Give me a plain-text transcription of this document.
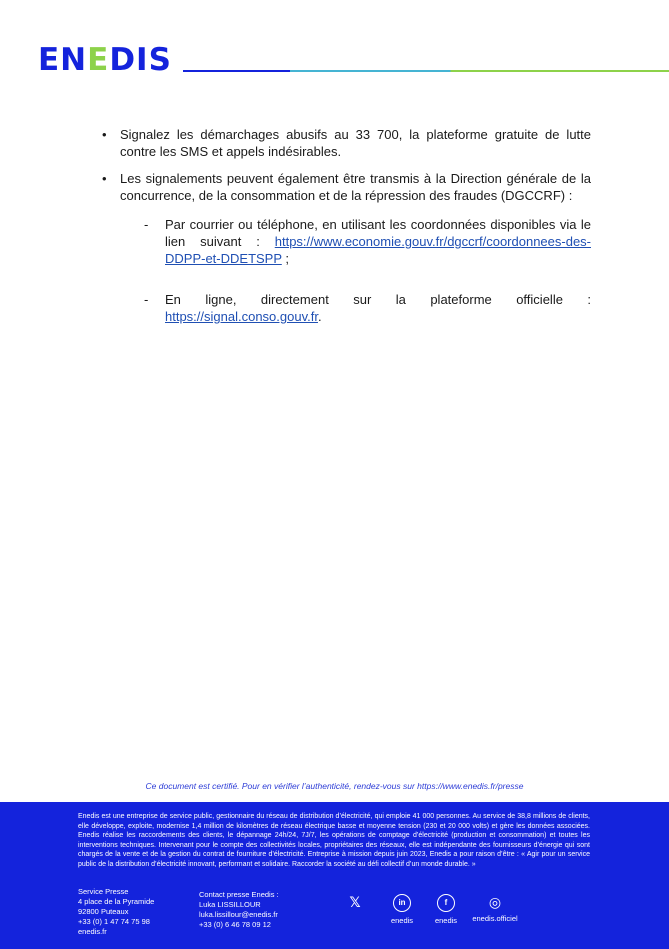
ENEDIS
• Signalez les démarchages abusifs au 33 700, la plateforme gratuite de lutte contre les SMS et appels indésirables.
• Les signalements peuvent également être transmis à la Direction générale de la concurrence, de la consommation et de la répression des fraudes (DGCCRF) :
- Par courrier ou téléphone, en utilisant les coordonnées disponibles via le lien suivant : https://www.economie.gouv.fr/dgccrf/coordonnees-des-DDPP-et-DDETSPP ;
- En ligne, directement sur la plateforme officielle : https://signal.conso.gouv.fr.
Ce document est certifié. Pour en vérifier l’authenticité, rendez-vous sur https://www.enedis.fr/presse
Enedis est une entreprise de service public, gestionnaire du réseau de distribution d’électricité, qui emploie 41 000 personnes. Au service de 38,8 millions de clients, elle développe, exploite, modernise 1,4 million de kilomètres de réseau électrique basse et moyenne tension (230 et 20 000 volts) et gère les données associées. Enedis réalise les raccordements des clients, le dépannage 24h/24, 7J/7, les opérations de comptage d’électricité (production et consommation) et toutes les interventions techniques. Intervenant pour le compte des collectivités locales, propriétaires des réseaux, elle est indépendante des fournisseurs d’énergie qui sont chargés de la vente et de la gestion du contrat de fourniture d’électricité. Entreprise à mission depuis juin 2023, Enedis a pour raison d’être : « Agir pour un service public de la distribution d’électricité innovant, performant et solidaire. Raccorder la société au défi collectif d’un monde durable. »
Service Presse
4 place de la Pyramide
92800 Puteaux
+33 (0) 1 47 74 75 98
enedis.fr
Contact presse Enedis :
Luka LISSILLOUR
luka.lissillour@enedis.fr
+33 (0) 6 46 78 09 12
𝕏	in
enedis
f
enedis
◎
enedis.officiel
